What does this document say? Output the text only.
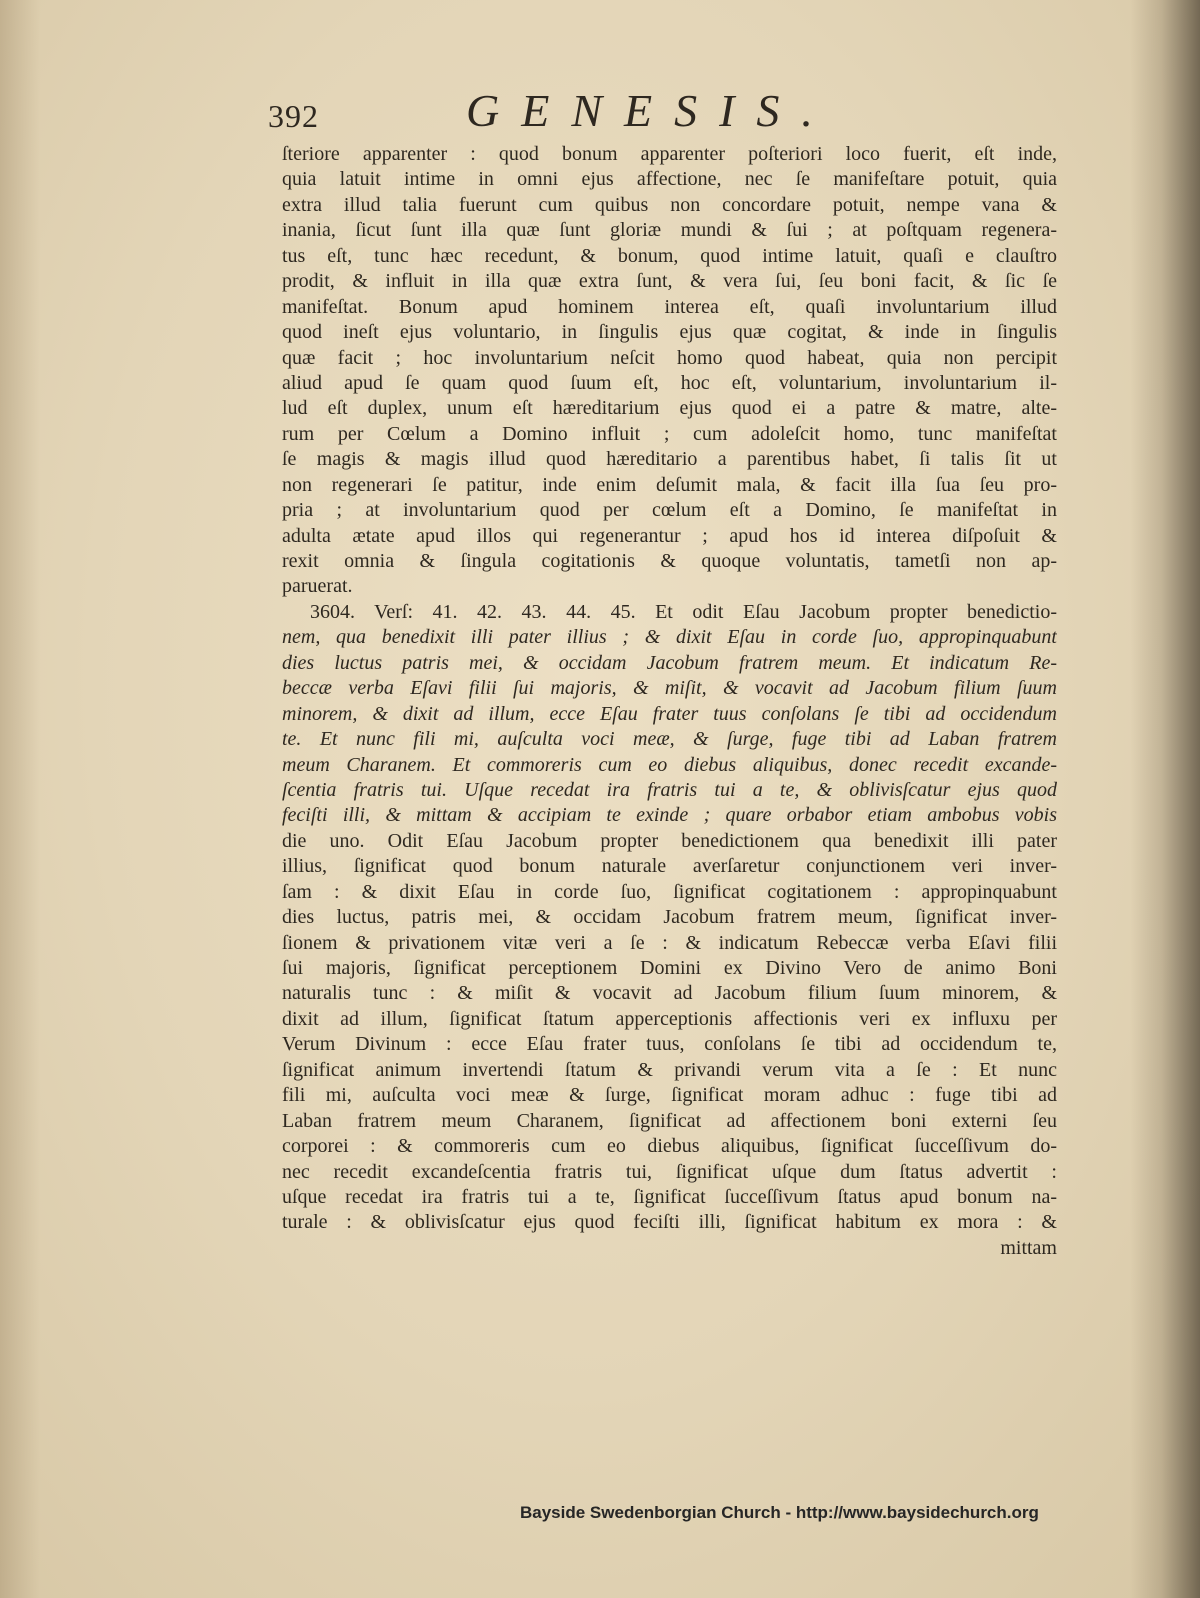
392	GENESIS.
ſteriore apparenter : quod bonum apparenter poſteriori loco fuerit, eſt inde,
quia latuit intime in omni ejus affectione, nec ſe manifeſtare potuit, quia
extra illud talia fuerunt cum quibus non concordare potuit, nempe vana &
inania, ſicut ſunt illa quæ ſunt gloriæ mundi & ſui ; at poſtquam regenera-
tus eſt, tunc hæc recedunt, & bonum, quod intime latuit, quaſi e clauſtro
prodit, & influit in illa quæ extra ſunt, & vera ſui, ſeu boni facit, & ſic ſe
manifeſtat. Bonum apud hominem interea eſt, quaſi involuntarium illud
quod ineſt ejus voluntario, in ſingulis ejus quæ cogitat, & inde in ſingulis
quæ facit ; hoc involuntarium neſcit homo quod habeat, quia non percipit
aliud apud ſe quam quod ſuum eſt, hoc eſt, voluntarium, involuntarium il-
lud eſt duplex, unum eſt hæreditarium ejus quod ei a patre & matre, alte-
rum per Cœlum a Domino influit ; cum adoleſcit homo, tunc manifeſtat
ſe magis & magis illud quod hæreditario a parentibus habet, ſi talis ſit ut
non regenerari ſe patitur, inde enim deſumit mala, & facit illa ſua ſeu pro-
pria ; at involuntarium quod per cœlum eſt a Domino, ſe manifeſtat in
adulta ætate apud illos qui regenerantur ; apud hos id interea diſpoſuit &
rexit omnia & ſingula cogitationis & quoque voluntatis, tametſi non ap-
paruerat.
3604. Verſ: 41. 42. 43. 44. 45. Et odit Eſau Jacobum propter benedictio-
nem, qua benedixit illi pater illius ; & dixit Eſau in corde ſuo, appropinquabunt
dies luctus patris mei, & occidam Jacobum fratrem meum. Et indicatum Re-
beccæ verba Eſavi filii ſui majoris, & miſit, & vocavit ad Jacobum filium ſuum
minorem, & dixit ad illum, ecce Eſau frater tuus conſolans ſe tibi ad occidendum
te. Et nunc fili mi, auſculta voci meæ, & ſurge, fuge tibi ad Laban fratrem
meum Charanem. Et commoreris cum eo diebus aliquibus, donec recedit excande-
ſcentia fratris tui. Uſque recedat ira fratris tui a te, & oblivisſcatur ejus quod
feciſti illi, & mittam & accipiam te exinde ; quare orbabor etiam ambobus vobis
die uno. Odit Eſau Jacobum propter benedictionem qua benedixit illi pater
illius, ſignificat quod bonum naturale averſaretur conjunctionem veri inver-
ſam : & dixit Eſau in corde ſuo, ſignificat cogitationem : appropinquabunt
dies luctus, patris mei, & occidam Jacobum fratrem meum, ſignificat inver-
ſionem & privationem vitæ veri a ſe : & indicatum Rebeccæ verba Eſavi filii
ſui majoris, ſignificat perceptionem Domini ex Divino Vero de animo Boni
naturalis tunc : & miſit & vocavit ad Jacobum filium ſuum minorem, &
dixit ad illum, ſignificat ſtatum apperceptionis affectionis veri ex influxu per
Verum Divinum : ecce Eſau frater tuus, conſolans ſe tibi ad occidendum te,
ſignificat animum invertendi ſtatum & privandi verum vita a ſe : Et nunc
fili mi, auſculta voci meæ & ſurge, ſignificat moram adhuc : fuge tibi ad
Laban fratrem meum Charanem, ſignificat ad affectionem boni externi ſeu
corporei : & commoreris cum eo diebus aliquibus, ſignificat ſucceſſivum do-
nec recedit excandeſcentia fratris tui, ſignificat uſque dum ſtatus advertit :
uſque recedat ira fratris tui a te, ſignificat ſucceſſivum ſtatus apud bonum na-
turale : & oblivisſcatur ejus quod feciſti illi, ſignificat habitum ex mora : &
mittam
Bayside Swedenborgian Church - http://www.baysidechurch.org
